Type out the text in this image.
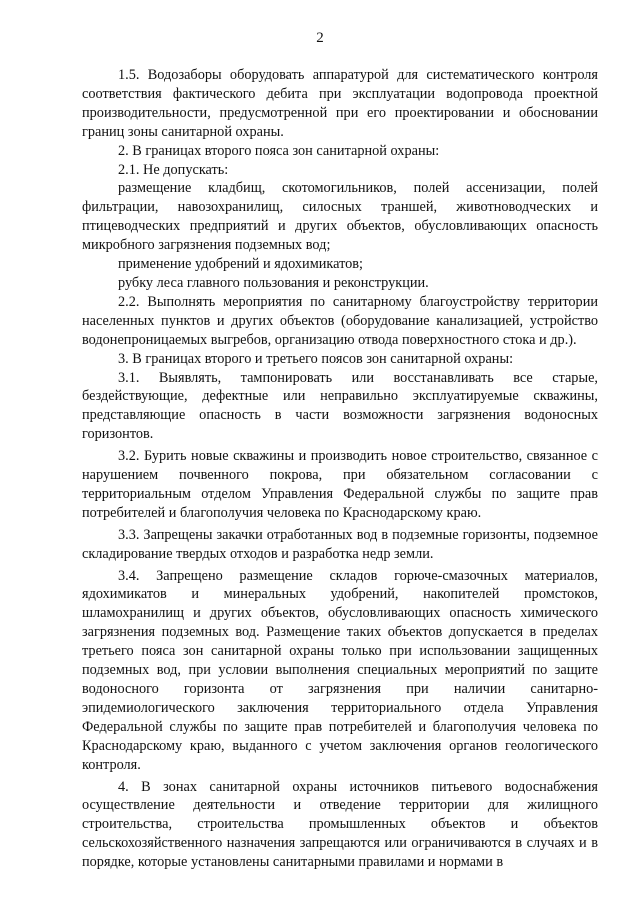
2

1.5. Водозаборы оборудовать аппаратурой для систематического контроля соответствия фактического дебита при эксплуатации водопровода проектной производительности, предусмотренной при его проектировании и обосновании границ зоны санитарной охраны.

2. В границах второго пояса зон санитарной охраны:

2.1. Не допускать:

размещение кладбищ, скотомогильников, полей ассенизации, полей фильтрации, навозохранилищ, силосных траншей, животноводческих и птицеводческих предприятий и других объектов, обусловливающих опасность микробного загрязнения подземных вод;

применение удобрений и ядохимикатов;

рубку леса главного пользования и реконструкции.

2.2. Выполнять мероприятия по санитарному благоустройству территории населенных пунктов и других объектов (оборудование канализацией, устройство водонепроницаемых выгребов, организацию отвода поверхностного стока и др.).

3. В границах второго и третьего поясов зон санитарной охраны:

3.1. Выявлять, тампонировать или восстанавливать все старые, бездействующие, дефектные или неправильно эксплуатируемые скважины, представляющие опасность в части возможности загрязнения водоносных горизонтов.

3.2. Бурить новые скважины и производить новое строительство, связанное с нарушением почвенного покрова, при обязательном согласовании с территориальным отделом Управления Федеральной службы по защите прав потребителей и благополучия человека по Краснодарскому краю.

3.3. Запрещены закачки отработанных вод в подземные горизонты, подземное складирование твердых отходов и разработка недр земли.

3.4. Запрещено размещение складов горюче-смазочных материалов, ядохимикатов и минеральных удобрений, накопителей промстоков, шламохранилищ и других объектов, обусловливающих опасность химического загрязнения подземных вод. Размещение таких объектов допускается в пределах третьего пояса зон санитарной охраны только при использовании защищенных подземных вод, при условии выполнения специальных мероприятий по защите водоносного горизонта от загрязнения при наличии санитарно-эпидемиологического заключения территориального отдела Управления Федеральной службы по защите прав потребителей и благополучия человека по Краснодарскому краю, выданного с учетом заключения органов геологического контроля.

4. В зонах санитарной охраны источников питьевого водоснабжения осуществление деятельности и отведение территории для жилищного строительства, строительства промышленных объектов и объектов сельскохозяйственного назначения запрещаются или ограничиваются в случаях и в порядке, которые установлены санитарными правилами и нормами в
